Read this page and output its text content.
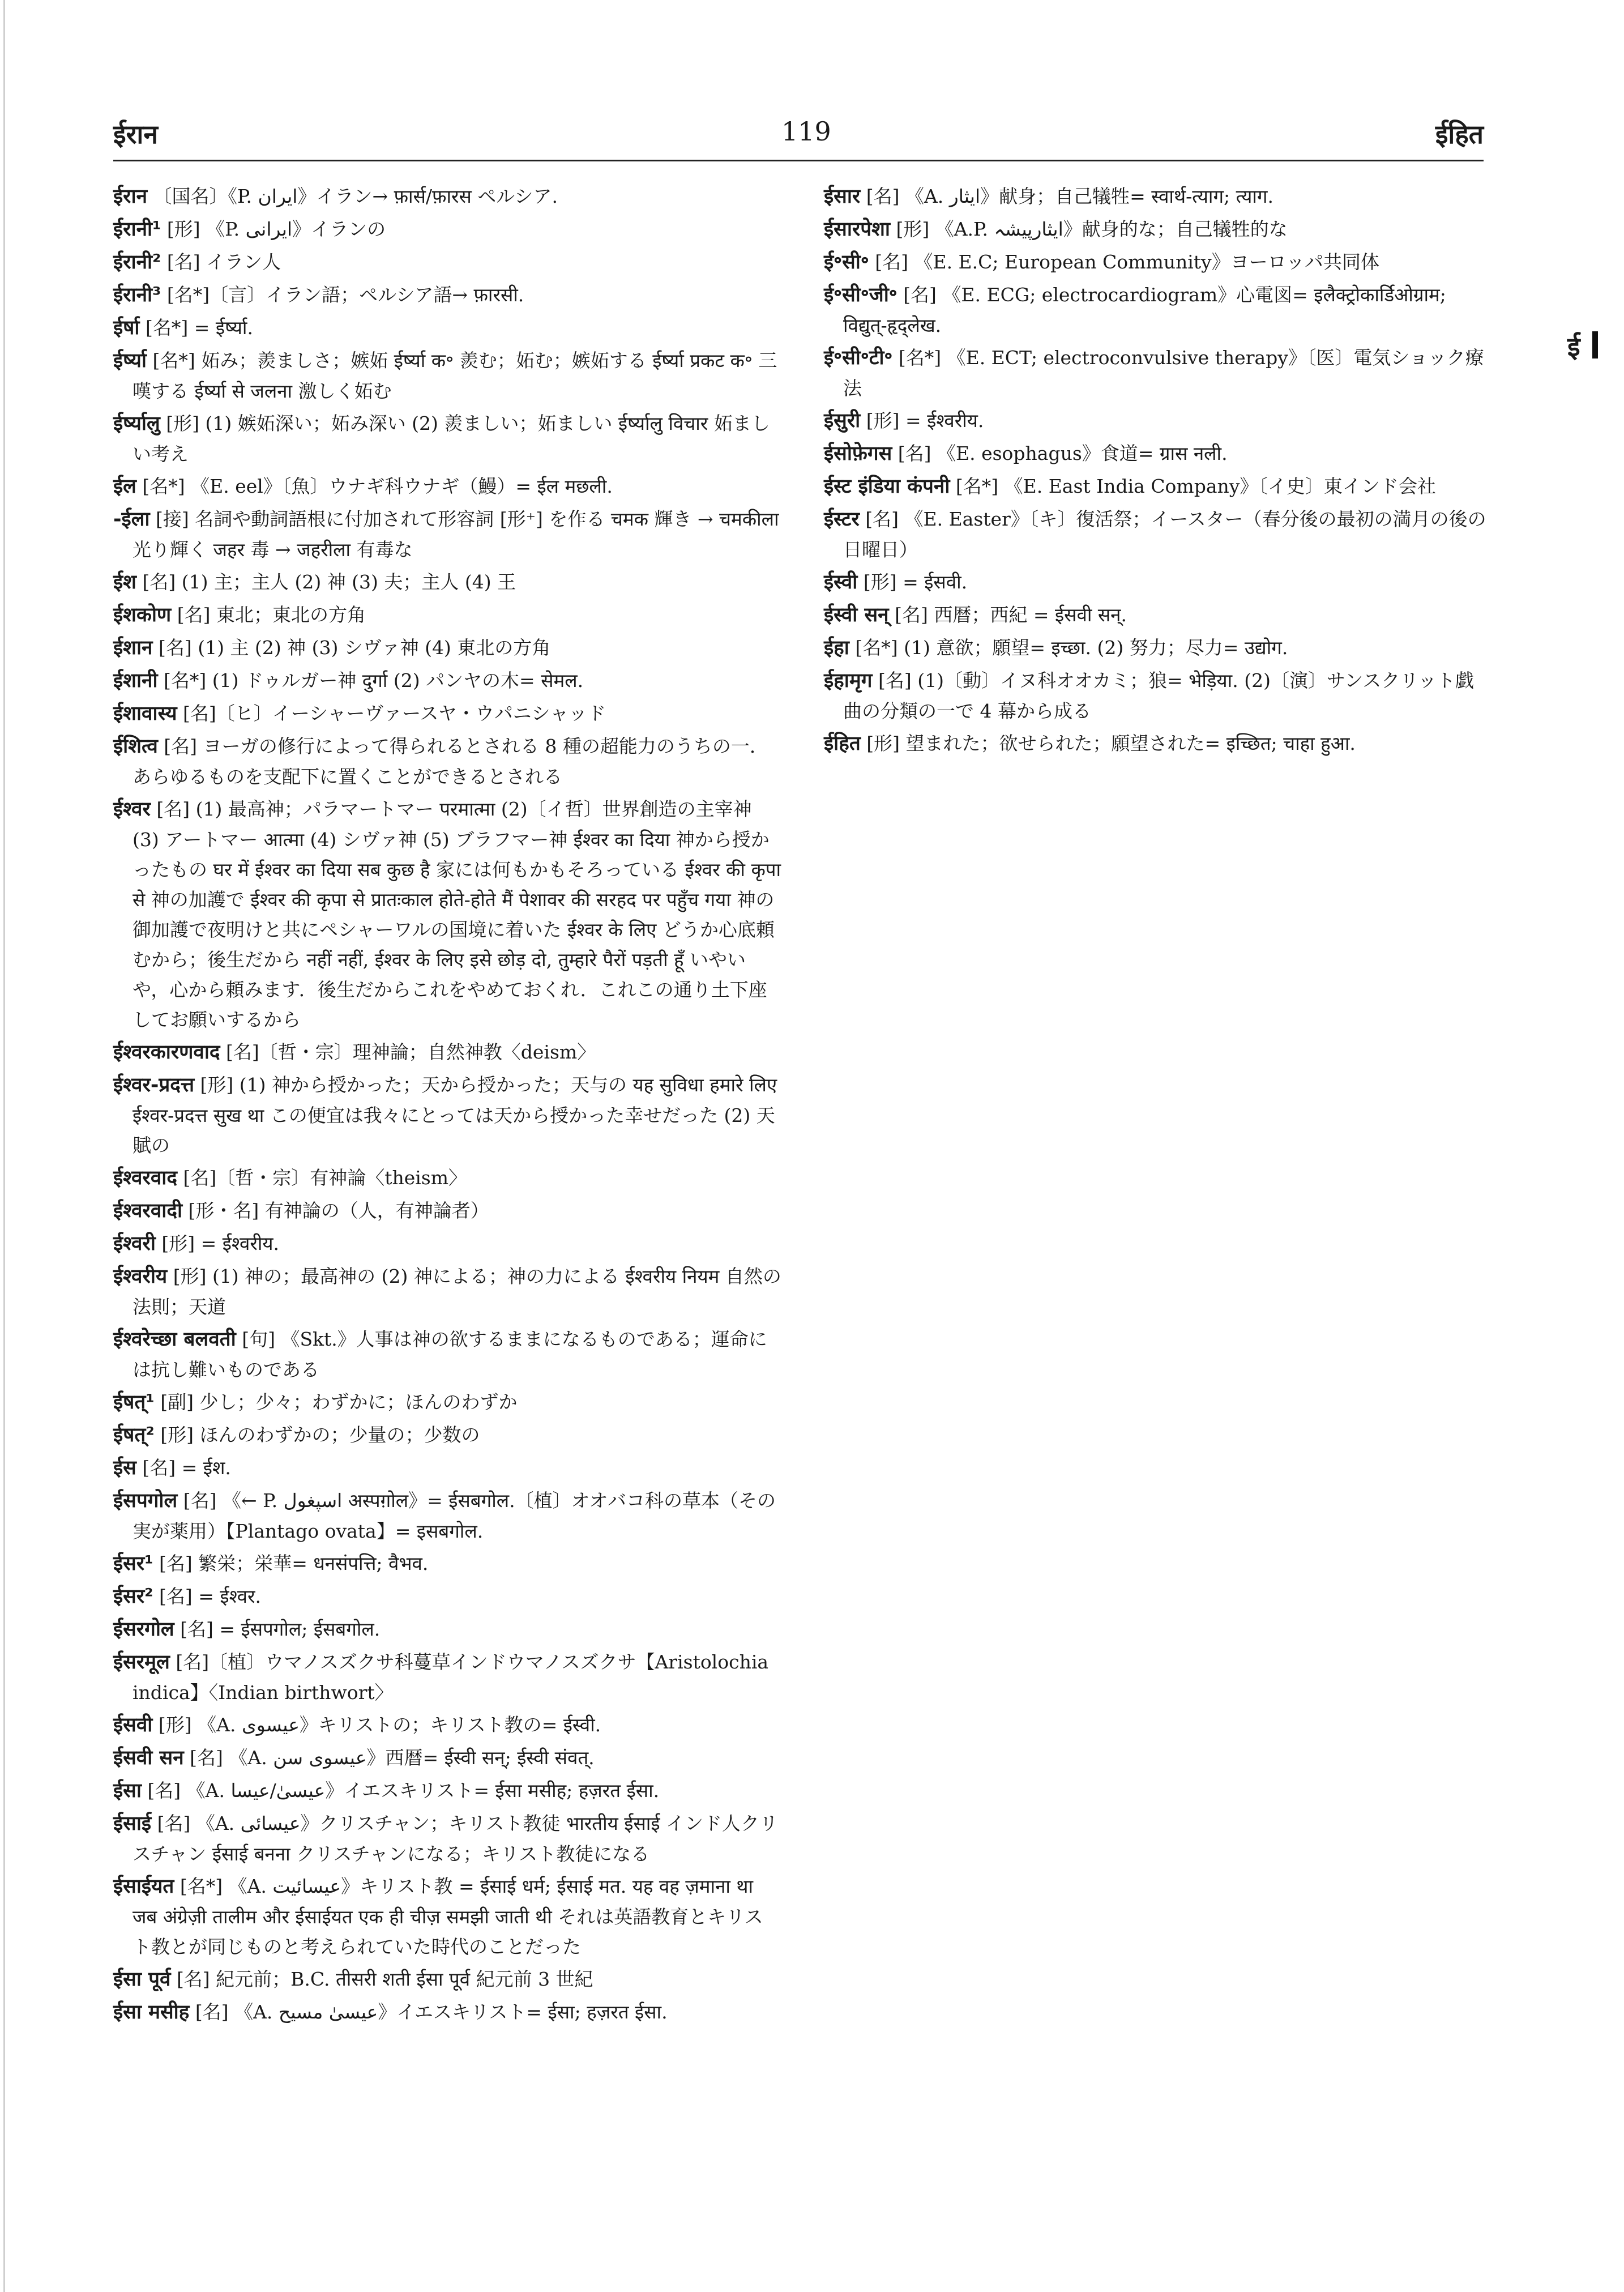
ईरान	119	ईहित

ईरान 〔国名〕《P. ایران》イラン→ फ़ार्स/फ़ारस ペルシア.

ईरानी¹ [形] 《P. ایرانی》イランの

ईरानी² [名] イラン人

ईरानी³ [名*]〔言〕イラン語；ペルシア語→ फ़ारसी.

ईर्षा [名*] = ईर्ष्या.

ईर्ष्या [名*] 妬み；羨ましさ；嫉妬 ईर्ष्या क॰ 羨む；妬む；嫉妬する ईर्ष्या प्रकट क॰ 三嘆する ईर्ष्या से जलना 激しく妬む

ईर्ष्यालु [形] (1) 嫉妬深い；妬み深い (2) 羨ましい；妬ましい ईर्ष्यालु विचार 妬ましい考え

ईल [名*] 《E. eel》〔魚〕ウナギ科ウナギ（鰻）= ईल मछली.

-ईला [接] 名詞や動詞語根に付加されて形容詞 [形⁺] を作る चमक 輝き → चमकीला 光り輝く जहर 毒 → जहरीला 有毒な

ईश [名] (1) 主；主人 (2) 神 (3) 夫；主人 (4) 王

ईशकोण [名] 東北；東北の方角

ईशान [名] (1) 主 (2) 神 (3) シヴァ神 (4) 東北の方角

ईशानी [名*] (1) ドゥルガー神 दुर्गा (2) パンヤの木= सेमल.

ईशावास्य [名]〔ヒ〕イーシャーヴァースヤ・ウパニシャッド

ईशित्व [名] ヨーガの修行によって得られるとされる 8 種の超能力のうちの一．あらゆるものを支配下に置くことができるとされる

ईश्वर [名] (1) 最高神；パラマートマー परमात्मा (2)〔イ哲〕世界創造の主宰神 (3) アートマー आत्मा (4) シヴァ神 (5) ブラフマー神 ईश्वर का दिया 神から授かったもの घर में ईश्वर का दिया सब कुछ है 家には何もかもそろっている ईश्वर की कृपा से 神の加護で ईश्वर की कृपा से प्रातःकाल होते-होते मैं पेशावर की सरहद पर पहुँच गया 神の御加護で夜明けと共にペシャーワルの国境に着いた ईश्वर के लिए どうか心底頼むから；後生だから नहीं नहीं, ईश्वर के लिए इसे छोड़ दो, तुम्हारे पैरों पड़ती हूँ いやいや，心から頼みます．後生だからこれをやめておくれ．これこの通り土下座してお願いするから

ईश्वरकारणवाद [名]〔哲・宗〕理神論；自然神教〈deism〉

ईश्वर-प्रदत्त [形] (1) 神から授かった；天から授かった；天与の यह सुविधा हमारे लिए ईश्वर-प्रदत्त सुख था この便宜は我々にとっては天から授かった幸せだった (2) 天賦の

ईश्वरवाद [名]〔哲・宗〕有神論〈theism〉

ईश्वरवादी [形・名] 有神論の（人，有神論者）

ईश्वरी [形] = ईश्वरीय.

ईश्वरीय [形] (1) 神の；最高神の (2) 神による；神の力による ईश्वरीय नियम 自然の法則；天道

ईश्वरेच्छा बलवती [句] 《Skt.》人事は神の欲するままになるものである；運命には抗し難いものである

ईषत्¹ [副] 少し；少々；わずかに；ほんのわずか

ईषत्² [形] ほんのわずかの；少量の；少数の

ईस [名] = ईश.

ईसपगोल [名] 《← P. اسپغول अस्पग़ोल》= ईसबगोल.〔植〕オオバコ科の草本（その実が薬用）【Plantago ovata】= इसबगोल.

ईसर¹ [名] 繁栄；栄華= धनसंपत्ति; वैभव.

ईसर² [名] = ईश्वर.

ईसरगोल [名] = ईसपगोल; ईसबगोल.

ईसरमूल [名]〔植〕ウマノスズクサ科蔓草インドウマノスズクサ【Aristolochia indica】〈Indian birthwort〉

ईसवी [形] 《A. عیسوی》キリストの；キリスト教の= ईस्वी.

ईसवी सन [名] 《A. عیسوی سن》西暦= ईस्वी सन्; ईस्वी संवत्.

ईसा [名] 《A. عیسیٰ/عیسا》イエスキリスト= ईसा मसीह; हज़रत ईसा.

ईसाई [名] 《A. عیسائی》クリスチャン；キリスト教徒 भारतीय ईसाई インド人クリスチャン ईसाई बनना クリスチャンになる；キリスト教徒になる

ईसाईयत [名*] 《A. عیسائیت》キリスト教 = ईसाई धर्म; ईसाई मत. यह वह ज़माना था जब अंग्रेज़ी तालीम और ईसाईयत एक ही चीज़ समझी जाती थी それは英語教育とキリスト教とが同じものと考えられていた時代のことだった

ईसा पूर्व [名] 紀元前；B.C. तीसरी शती ईसा पूर्व 紀元前 3 世紀

ईसा मसीह [名] 《A. عیسیٰ مسیح》イエスキリスト= ईसा; हज़रत ईसा.

ईसार [名] 《A. ایثار》献身；自己犠牲= स्वार्थ-त्याग; त्याग.

ईसारपेशा [形] 《A.P. ایثارپیشہ》献身的な；自己犠牲的な

ई॰सी॰ [名] 《E. E.C; European Community》ヨーロッパ共同体

ई॰सी॰जी॰ [名] 《E. ECG; electrocardiogram》心電図= इलैक्ट्रोकार्डिओग्राम; विद्युत्-हृद्लेख.

ई॰सी॰टी॰ [名*] 《E. ECT; electroconvulsive therapy》〔医〕電気ショック療法

ईसुरी [形] = ईश्वरीय.

ईसोफ़ेगस [名] 《E. esophagus》食道= ग्रास नली.

ईस्ट इंडिया कंपनी [名*] 《E. East India Company》〔イ史〕東インド会社

ईस्टर [名] 《E. Easter》〔キ〕復活祭；イースター（春分後の最初の満月の後の日曜日）

ईस्वी [形] = ईसवी.

ईस्वी सन् [名] 西暦；西紀 = ईसवी सन्.

ईहा [名*] (1) 意欲；願望= इच्छा. (2) 努力；尽力= उद्योग.

ईहामृग [名] (1)〔動〕イヌ科オオカミ；狼= भेड़िया. (2)〔演〕サンスクリット戯曲の分類の一で 4 幕から成る

ईहित [形] 望まれた；欲せられた；願望された= इच्छित; चाहा हुआ.

ई
